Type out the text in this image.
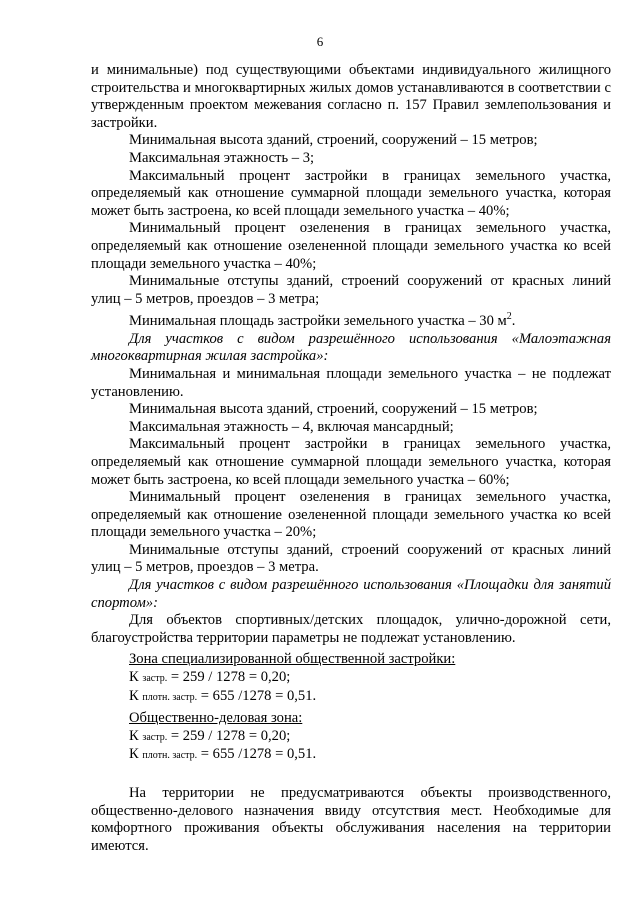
6

и минимальные) под существующими объектами индивидуального жилищного строительства и многоквартирных жилых домов устанавливаются в соответствии с утвержденным проектом межевания согласно п. 157 Правил землепользования и застройки.

Минимальная высота зданий, строений, сооружений – 15 метров;

Максимальная этажность – 3;

Максимальный процент застройки в границах земельного участка, определяемый как отношение суммарной площади земельного участка, которая может быть застроена, ко всей площади земельного участка – 40%;

Минимальный процент озеленения в границах земельного участка, определяемый как отношение озелененной площади земельного участка ко всей площади земельного участка – 40%;

Минимальные отступы зданий, строений сооружений от красных линий улиц – 5 метров, проездов – 3 метра;

Минимальная площадь застройки земельного участка – 30 $м^2$.

Для участков с видом разрешённого использования «Малоэтажная многоквартирная жилая застройка»:

Минимальная и минимальная площади земельного участка – не подлежат установлению.

Минимальная высота зданий, строений, сооружений – 15 метров;

Максимальная этажность – 4, включая мансардный;

Максимальный процент застройки в границах земельного участка, определяемый как отношение суммарной площади земельного участка, которая может быть застроена, ко всей площади земельного участка – 60%;

Минимальный процент озеленения в границах земельного участка, определяемый как отношение озелененной площади земельного участка ко всей площади земельного участка – 20%;

Минимальные отступы зданий, строений сооружений от красных линий улиц – 5 метров, проездов – 3 метра.

Для участков с видом разрешённого использования «Площадки для занятий спортом»:

Для объектов спортивных/детских площадок, улично-дорожной сети, благоустройства территории параметры не подлежат установлению.

Зона специализированной общественной застройки:

К застр. = 259 / 1278 = 0,20;

К плотн. застр. = 655 /1278 = 0,51.

Общественно-деловая зона:

К застр. = 259 / 1278 = 0,20;

К плотн. застр. = 655 /1278 = 0,51.

На территории не предусматриваются объекты производственного, общественно-делового назначения ввиду отсутствия мест. Необходимые для комфортного проживания объекты обслуживания населения на территории имеются.
